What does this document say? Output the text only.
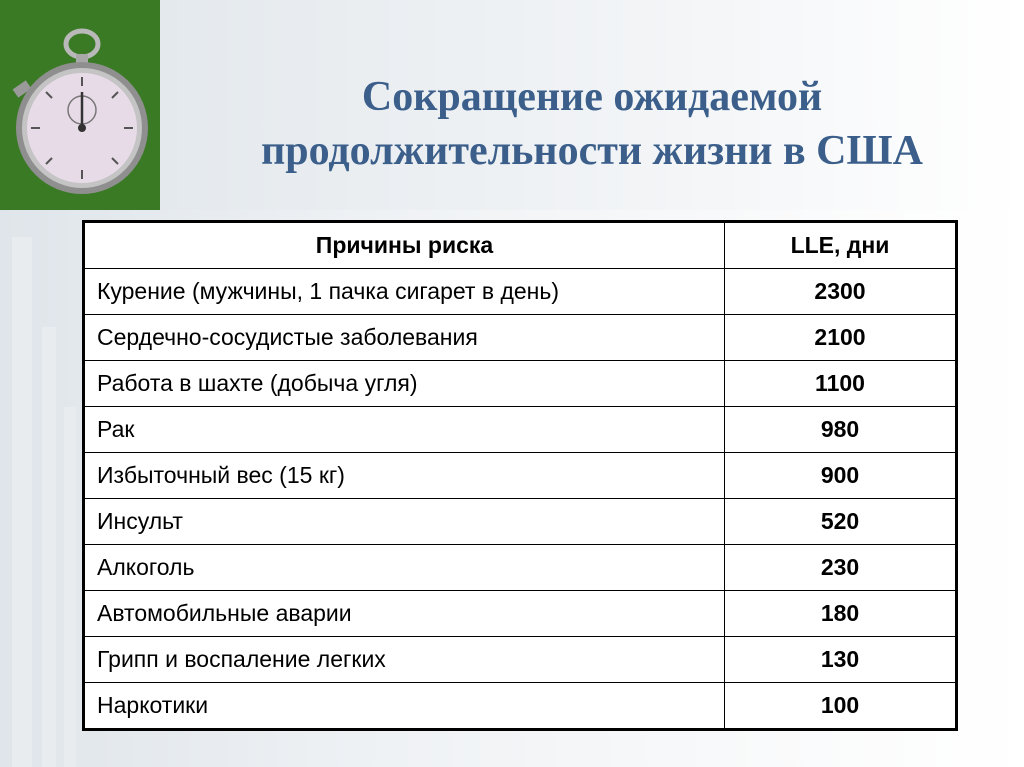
Сокращение ожидаемой
продолжительности жизни в США
Причины риска	LLE, дни
Курение (мужчины, 1 пачка сигарет в день)	2300
Сердечно-сосудистые заболевания	2100
Работа в шахте (добыча угля)	1100
Рак	980
Избыточный вес (15 кг)	900
Инсульт	520
Алкоголь	230
Автомобильные аварии	180
Грипп и воспаление легких	130
Наркотики	100
